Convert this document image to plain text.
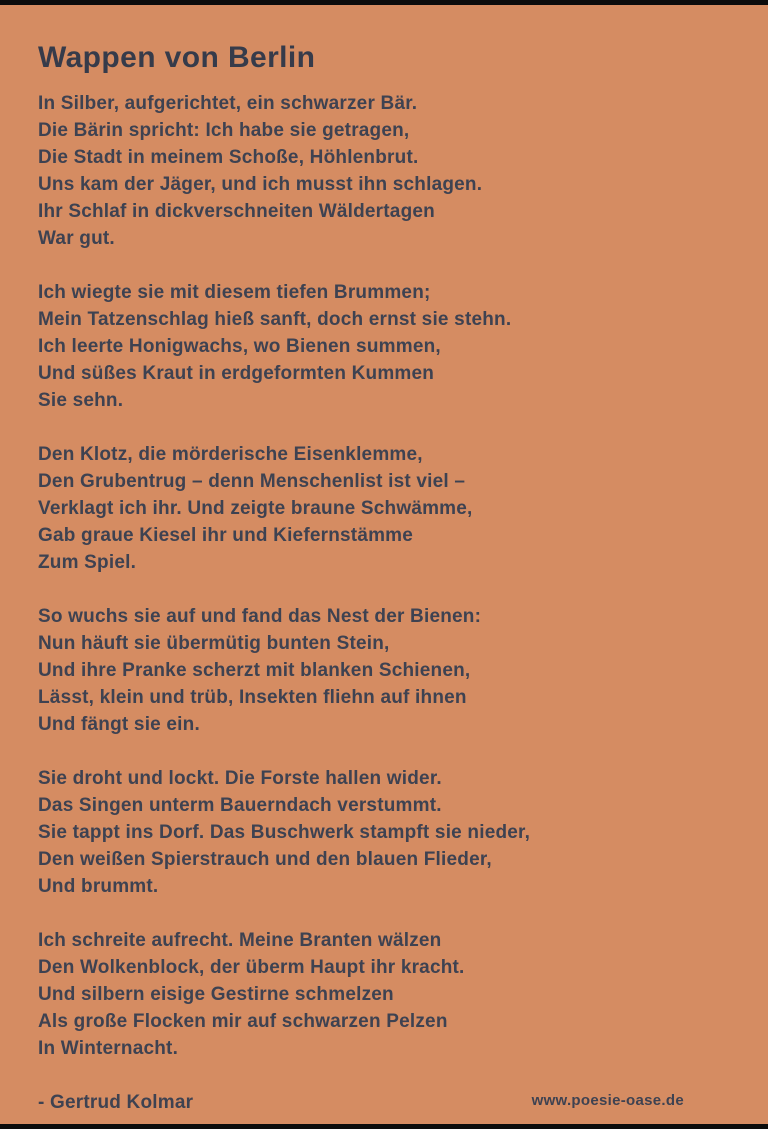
Wappen von Berlin
In Silber, aufgerichtet, ein schwarzer Bär.
Die Bärin spricht: Ich habe sie getragen,
Die Stadt in meinem Schoße, Höhlenbrut.
Uns kam der Jäger, und ich musst ihn schlagen.
Ihr Schlaf in dickverschneiten Wäldertagen
War gut.
Ich wiegte sie mit diesem tiefen Brummen;
Mein Tatzenschlag hieß sanft, doch ernst sie stehn.
Ich leerte Honigwachs, wo Bienen summen,
Und süßes Kraut in erdgeformten Kummen
Sie sehn.
Den Klotz, die mörderische Eisenklemme,
Den Grubentrug – denn Menschenlist ist viel –
Verklagt ich ihr. Und zeigte braune Schwämme,
Gab graue Kiesel ihr und Kiefernstämme
Zum Spiel.
So wuchs sie auf und fand das Nest der Bienen:
Nun häuft sie übermütig bunten Stein,
Und ihre Pranke scherzt mit blanken Schienen,
Lässt, klein und trüb, Insekten fliehn auf ihnen
Und fängt sie ein.
Sie droht und lockt. Die Forste hallen wider.
Das Singen unterm Bauerndach verstummt.
Sie tappt ins Dorf. Das Buschwerk stampft sie nieder,
Den weißen Spierstrauch und den blauen Flieder,
Und brummt.
Ich schreite aufrecht. Meine Branten wälzen
Den Wolkenblock, der überm Haupt ihr kracht.
Und silbern eisige Gestirne schmelzen
Als große Flocken mir auf schwarzen Pelzen
In Winternacht.
- Gertrud Kolmar	www.poesie-oase.de
